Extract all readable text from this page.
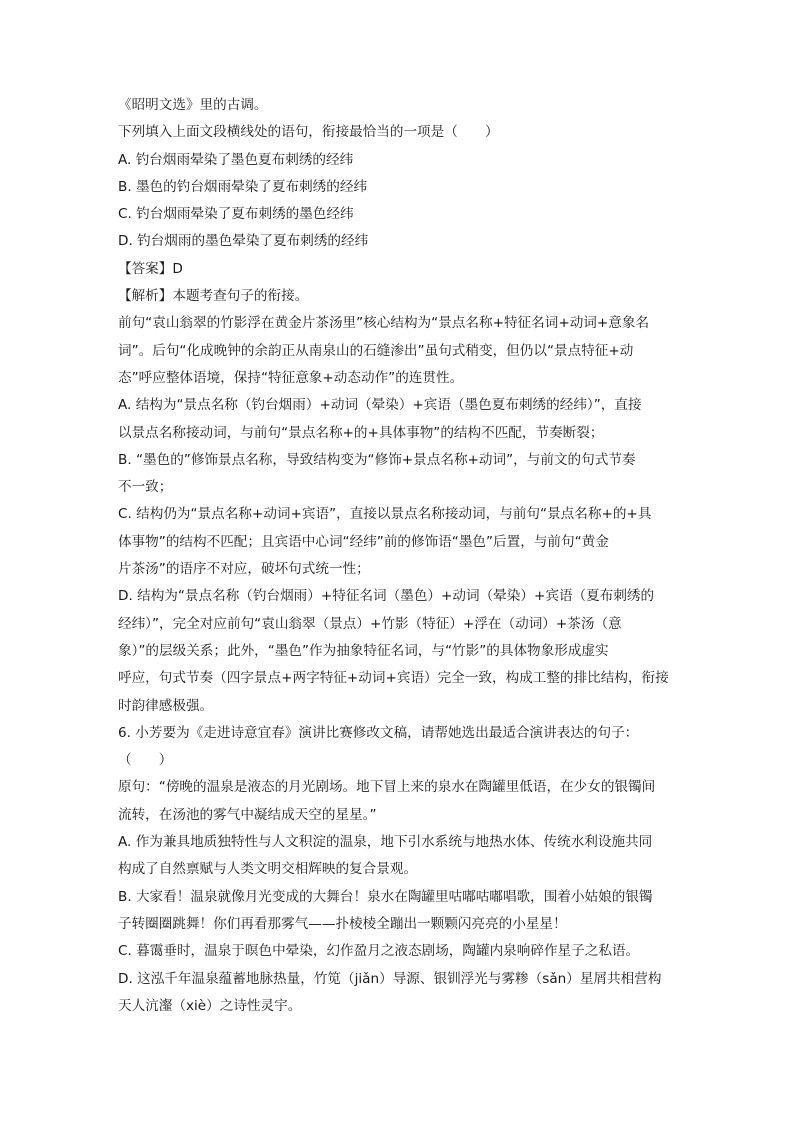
《昭明文选》里的古调。
下列填入上面文段横线处的语句，衔接最恰当的一项是（　　）
A. 钓台烟雨晕染了墨色夏布刺绣的经纬
B. 墨色的钓台烟雨晕染了夏布刺绣的经纬
C. 钓台烟雨晕染了夏布刺绣的墨色经纬
D. 钓台烟雨的墨色晕染了夏布刺绣的经纬
【答案】D
【解析】本题考查句子的衔接。
前句“袁山翁翠的竹影浮在黄金片茶汤里”核心结构为“景点名称+特征名词+动词+意象名
词”。后句“化成晚钟的余韵正从南泉山的石缝渗出”虽句式稍变，但仍以“景点特征+动
态”呼应整体语境，保持“特征意象+动态动作”的连贯性。
A. 结构为“景点名称（钓台烟雨）+动词（晕染）+宾语（墨色夏布刺绣的经纬）”，直接
以景点名称接动词，与前句“景点名称+的+具体事物”的结构不匹配，节奏断裂；
B. “墨色的”修饰景点名称，导致结构变为“修饰+景点名称+动词”，与前文的句式节奏
不一致；
C. 结构仍为“景点名称+动词+宾语”，直接以景点名称接动词，与前句“景点名称+的+具
体事物”的结构不匹配；且宾语中心词“经纬”前的修饰语“墨色”后置，与前句“黄金
片茶汤”的语序不对应，破坏句式统一性；
D. 结构为“景点名称（钓台烟雨）+特征名词（墨色）+动词（晕染）+宾语（夏布刺绣的
经纬）”，完全对应前句“袁山翁翠（景点）+竹影（特征）+浮在（动词）+茶汤（意
象）”的层级关系；此外，“墨色”作为抽象特征名词，与“竹影”的具体物象形成虚实
呼应，句式节奏（四字景点+两字特征+动词+宾语）完全一致，构成工整的排比结构，衔接
时韵律感极强。
6. 小芳要为《走进诗意宜春》演讲比赛修改文稿，请帮她选出最适合演讲表达的句子：
（　　）
原句：“傍晚的温泉是液态的月光剧场。地下冒上来的泉水在陶罐里低语，在少女的银镯间
流转，在汤池的雾气中凝结成天空的星星。”
A. 作为兼具地质独特性与人文积淀的温泉，地下引水系统与地热水体、传统水利设施共同
构成了自然禀赋与人类文明交相辉映的复合景观。
B. 大家看！温泉就像月光变成的大舞台！泉水在陶罐里咕嘟咕嘟唱歌，围着小姑娘的银镯
子转圈圈跳舞！你们再看那雾气——扑棱棱全蹦出一颗颗闪亮亮的小星星！
C. 暮霭垂时，温泉于暝色中晕染，幻作盈月之液态剧场，陶罐内泉响碎作星子之私语。
D. 这泓千年温泉蕴蓄地脉热量，竹笕（jiǎn）导源、银钏浮光与雾糁（sǎn）星屑共相营构
天人沆瀣（xiè）之诗性灵宇。
